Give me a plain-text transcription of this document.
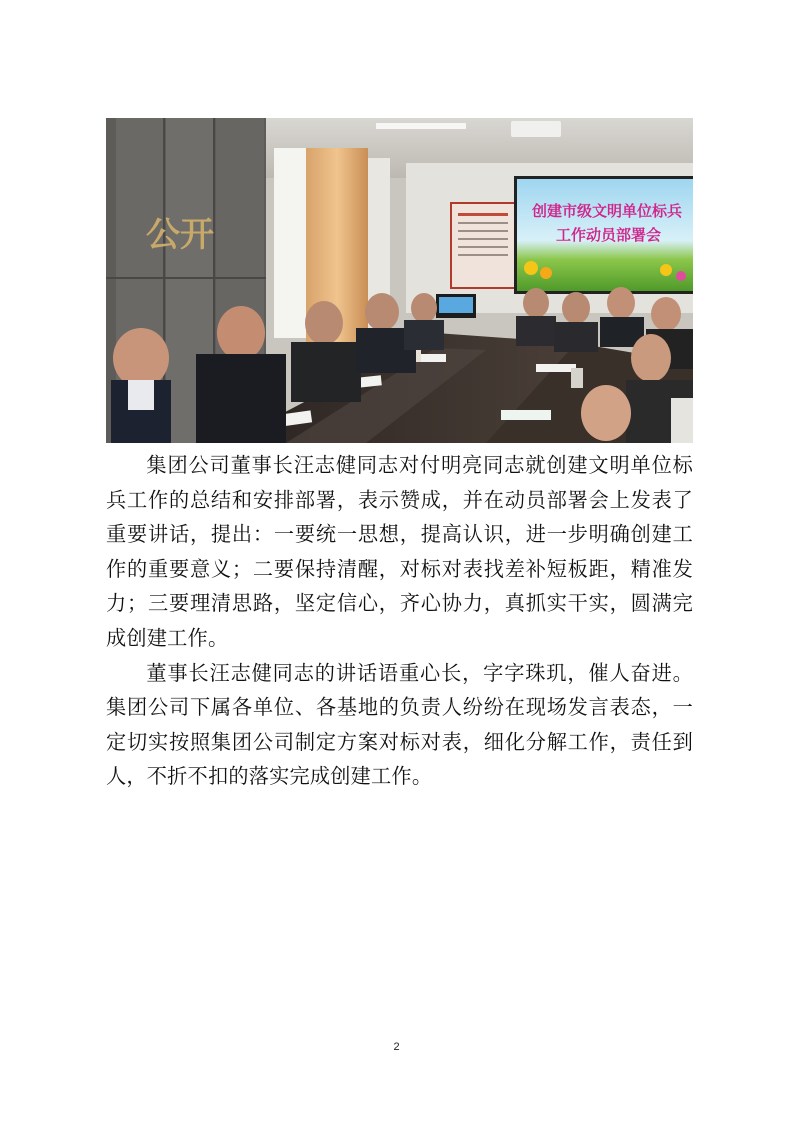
公开
创建市级文明单位标兵
工作动员部署会

集团公司董事长汪志健同志对付明亮同志就创建文明单位标兵工作的总结和安排部署，表示赞成，并在动员部署会上发表了重要讲话，提出：一要统一思想，提高认识，进一步明确创建工作的重要意义；二要保持清醒，对标对表找差补短板距，精准发力；三要理清思路，坚定信心，齐心协力，真抓实干实，圆满完成创建工作。

董事长汪志健同志的讲话语重心长，字字珠玑，催人奋进。集团公司下属各单位、各基地的负责人纷纷在现场发言表态，一定切实按照集团公司制定方案对标对表，细化分解工作，责任到人，不折不扣的落实完成创建工作。

2
